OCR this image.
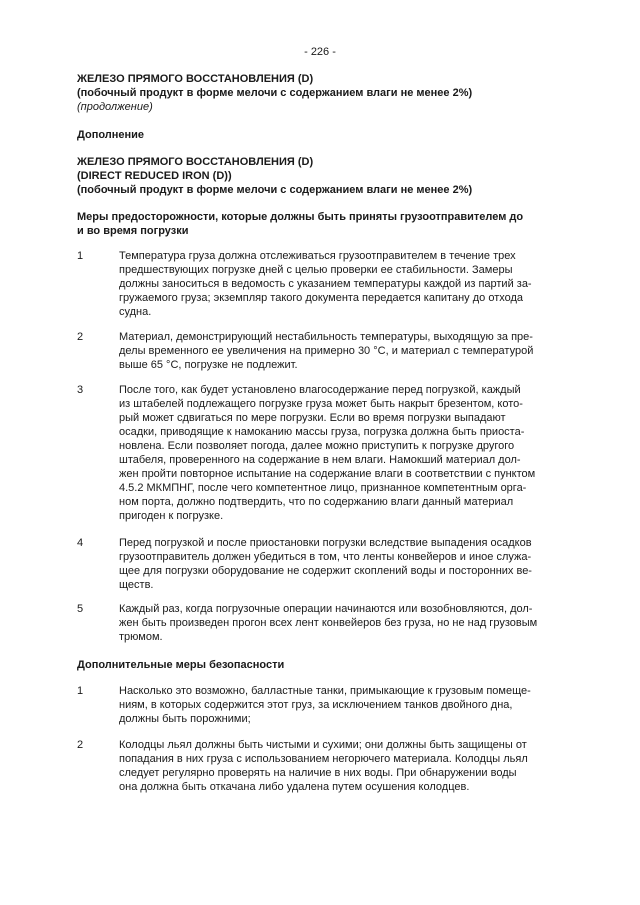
- 226 -
ЖЕЛЕЗО ПРЯМОГО ВОССТАНОВЛЕНИЯ (D)
(побочный продукт в форме мелочи с содержанием влаги не менее 2%)
(продолжение)
Дополнение
ЖЕЛЕЗО ПРЯМОГО ВОССТАНОВЛЕНИЯ (D)
(DIRECT REDUCED IRON (D))
(побочный продукт в форме мелочи с содержанием влаги не менее 2%)
Меры предосторожности, которые должны быть приняты грузоотправителем до
и во время погрузки
1	Температура груза должна отслеживаться грузоотправителем в течение трех
предшествующих погрузке дней с целью проверки ее стабильности. Замеры
должны заноситься в ведомость с указанием температуры каждой из партий за-
гружаемого груза; экземпляр такого документа передается капитану до отхода
судна.
2	Материал, демонстрирующий нестабильность температуры, выходящую за пре-
делы временного ее увеличения на примерно 30 °C, и материал с температурой
выше 65 °C, погрузке не подлежит.
3	После того, как будет установлено влагосодержание перед погрузкой, каждый
из штабелей подлежащего погрузке груза может быть накрыт брезентом, кото-
рый может сдвигаться по мере погрузки. Если во время погрузки выпадают
осадки, приводящие к намоканию массы груза, погрузка должна быть приоста-
новлена. Если позволяет погода, далее можно приступить к погрузке другого
штабеля, проверенного на содержание в нем влаги. Намокший материал дол-
жен пройти повторное испытание на содержание влаги в соответствии с пунктом
4.5.2 МКМПНГ, после чего компетентное лицо, признанное компетентным орга-
ном порта, должно подтвердить, что по содержанию влаги данный материал
пригоден к погрузке.
4	Перед погрузкой и после приостановки погрузки вследствие выпадения осадков
грузоотправитель должен убедиться в том, что ленты конвейеров и иное служа-
щее для погрузки оборудование не содержит скоплений воды и посторонних ве-
ществ.
5	Каждый раз, когда погрузочные операции начинаются или возобновляются, дол-
жен быть произведен прогон всех лент конвейеров без груза, но не над грузовым
трюмом.
Дополнительные меры безопасности
1	Насколько это возможно, балластные танки, примыкающие к грузовым помеще-
ниям, в которых содержится этот груз, за исключением танков двойного дна,
должны быть порожними;
2	Колодцы льял должны быть чистыми и сухими; они должны быть защищены от
попадания в них груза с использованием негорючего материала. Колодцы льял
следует регулярно проверять на наличие в них воды. При обнаружении воды
она должна быть откачана либо удалена путем осушения колодцев.
